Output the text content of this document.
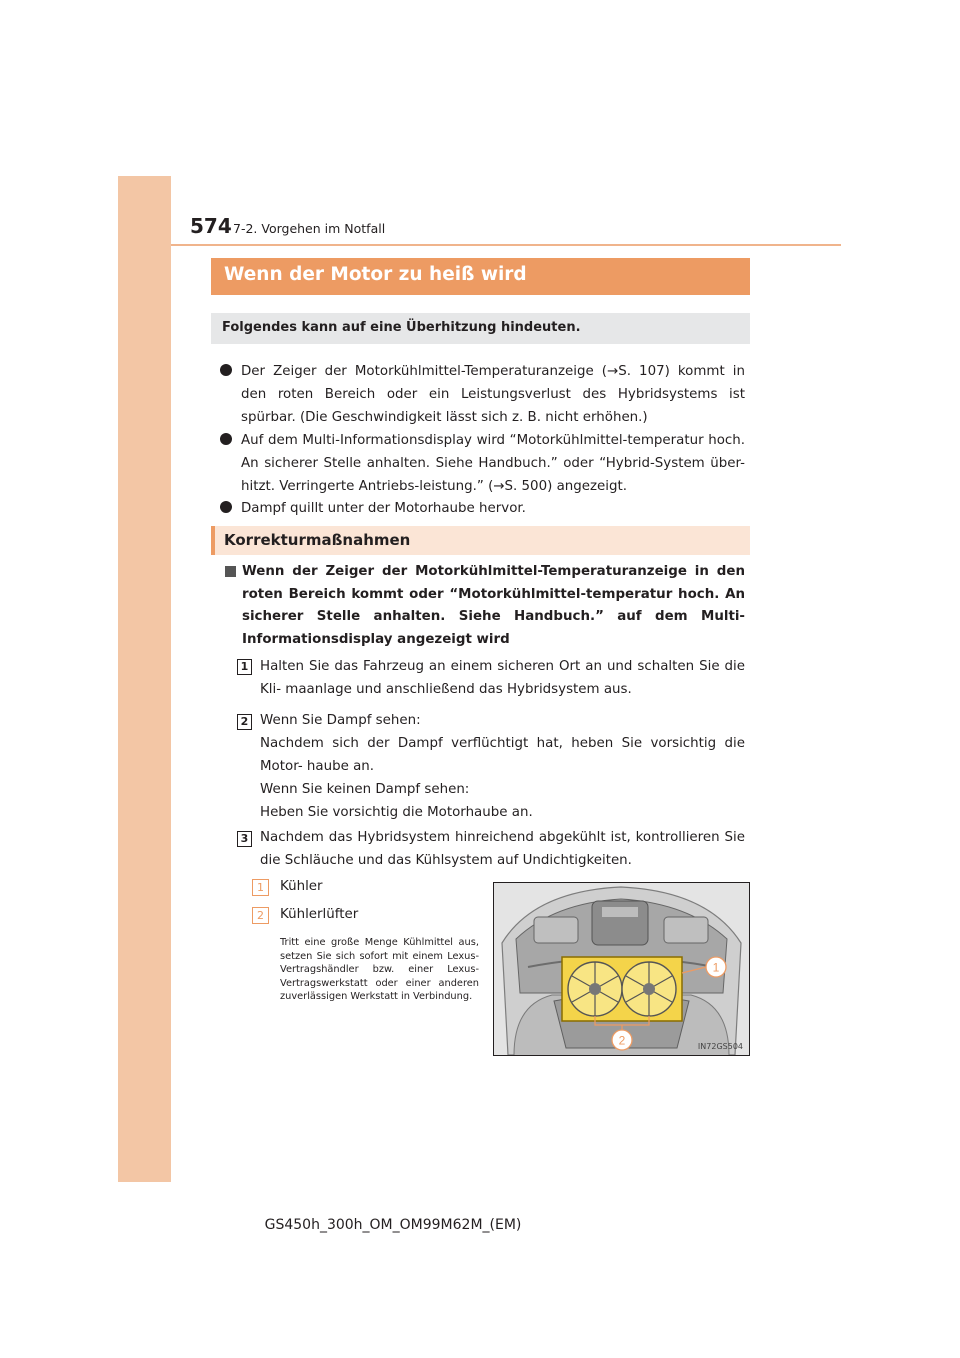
574 7-2. Vorgehen im Notfall
Wenn der Motor zu heiß wird
Folgendes kann auf eine Überhitzung hindeuten.
Der Zeiger der Motorkühlmittel-Temperaturanzeige (→S. 107) kommt in den roten Bereich oder ein Leistungsverlust des Hybridsystems ist spürbar. (Die Geschwindigkeit lässt sich z. B. nicht erhöhen.)
Auf dem Multi-Informationsdisplay wird “Motorkühlmittel-temperatur hoch. An sicherer Stelle anhalten. Siehe Handbuch.” oder “Hybrid-System über- hitzt. Verringerte Antriebs-leistung.” (→S. 500) angezeigt.
Dampf quillt unter der Motorhaube hervor.
Korrekturmaßnahmen
Wenn der Zeiger der Motorkühlmittel-Temperaturanzeige in den roten Bereich kommt oder “Motorkühlmittel-temperatur hoch. An sicherer Stelle anhalten. Siehe Handbuch.” auf dem Multi-Informationsdisplay angezeigt wird
1 Halten Sie das Fahrzeug an einem sicheren Ort an und schalten Sie die Kli- maanlage und anschließend das Hybridsystem aus.
2 Wenn Sie Dampf sehen:
Nachdem sich der Dampf verflüchtigt hat, heben Sie vorsichtig die Motor- haube an.
Wenn Sie keinen Dampf sehen:
Heben Sie vorsichtig die Motorhaube an.
3 Nachdem das Hybridsystem hinreichend abgekühlt ist, kontrollieren Sie die Schläuche und das Kühlsystem auf Undichtigkeiten.
1	Kühler
2	Kühlerlüfter
Tritt eine große Menge Kühlmittel aus, setzen Sie sich sofort mit einem Lexus-Vertragshändler bzw. einer Lexus-Vertragswerkstatt oder einer anderen zuverlässigen Werkstatt in Verbindung.
1
2	IN72GS504
GS450h_300h_OM_OM99M62M_(EM)
